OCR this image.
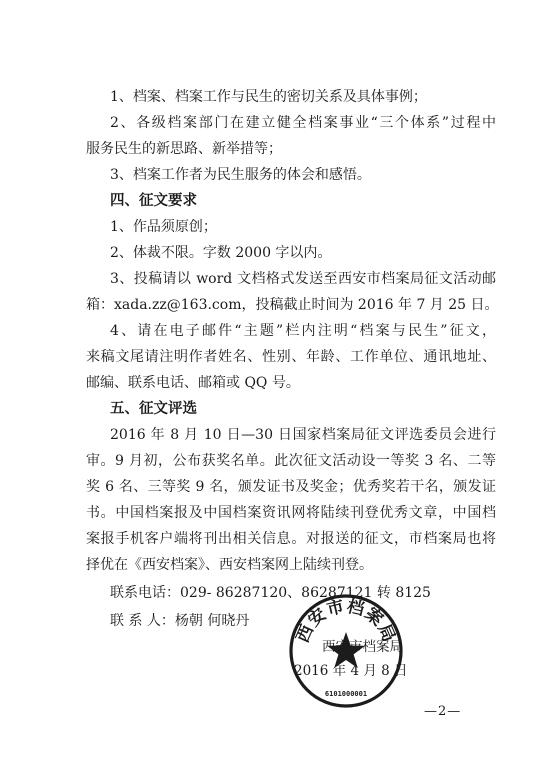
1、档案、档案工作与民生的密切关系及具体事例；
2、各级档案部门在建立健全档案事业“三个体系”过程中
服务民生的新思路、新举措等；
3、档案工作者为民生服务的体会和感悟。
四、征文要求
1、作品须原创；
2、体裁不限。字数 2000 字以内。
3、投稿请以 word 文档格式发送至西安市档案局征文活动邮
箱：xada.zz@163.com，投稿截止时间为 2016 年 7 月 25 日。
4、请在电子邮件“主题”栏内注明“档案与民生”征文，
来稿文尾请注明作者姓名、性别、年龄、工作单位、通讯地址、
邮编、联系电话、邮箱或 QQ 号。
五、征文评选
2016 年 8 月 10 日—30 日国家档案局征文评选委员会进行
审。9 月初，公布获奖名单。此次征文活动设一等奖 3 名、二等
奖 6 名、三等奖 9 名，颁发证书及奖金；优秀奖若干名，颁发证
书。中国档案报及中国档案资讯网将陆续刊登优秀文章，中国档
案报手机客户端将刊出相关信息。对报送的征文，市档案局也将
择优在《西安档案》、西安档案网上陆续刊登。
联系电话：029- 86287120、86287121 转 8125
联 系 人：杨朝 何晓丹
西安市档案局
6101000001
西安市档案局
2016 年 4 月 8 日
—2—
